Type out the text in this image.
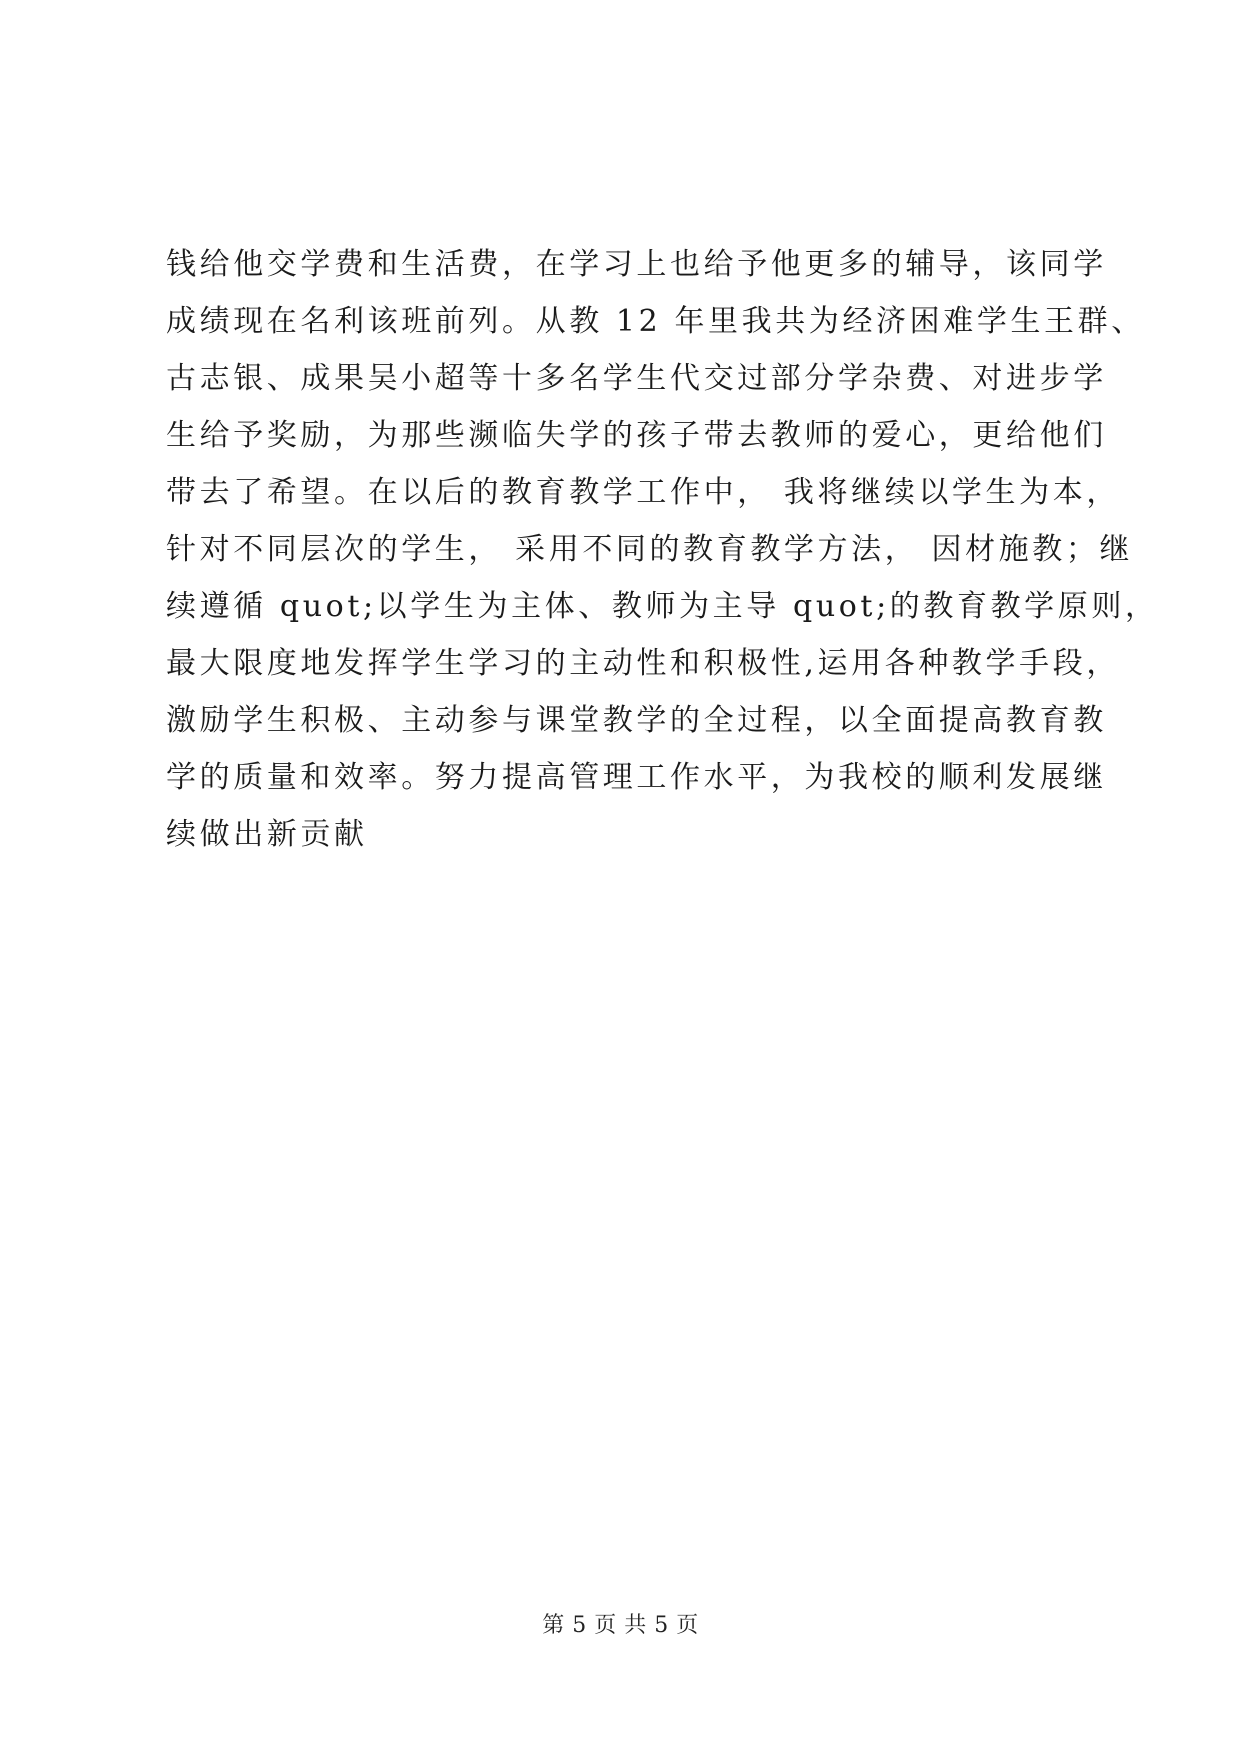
钱给他交学费和生活费，在学习上也给予他更多的辅导，该同学
成绩现在名利该班前列。从教 12 年里我共为经济困难学生王群、
古志银、成果吴小超等十多名学生代交过部分学杂费、对进步学
生给予奖励，为那些濒临失学的孩子带去教师的爱心，更给他们
带去了希望。在以后的教育教学工作中， 我将继续以学生为本，
针对不同层次的学生， 采用不同的教育教学方法， 因材施教；继
续遵循 quot;以学生为主体、教师为主导 quot;的教育教学原则，
最大限度地发挥学生学习的主动性和积极性,运用各种教学手段，
激励学生积极、主动参与课堂教学的全过程，以全面提高教育教
学的质量和效率。努力提高管理工作水平，为我校的顺利发展继
续做出新贡献
第 5 页 共 5 页
